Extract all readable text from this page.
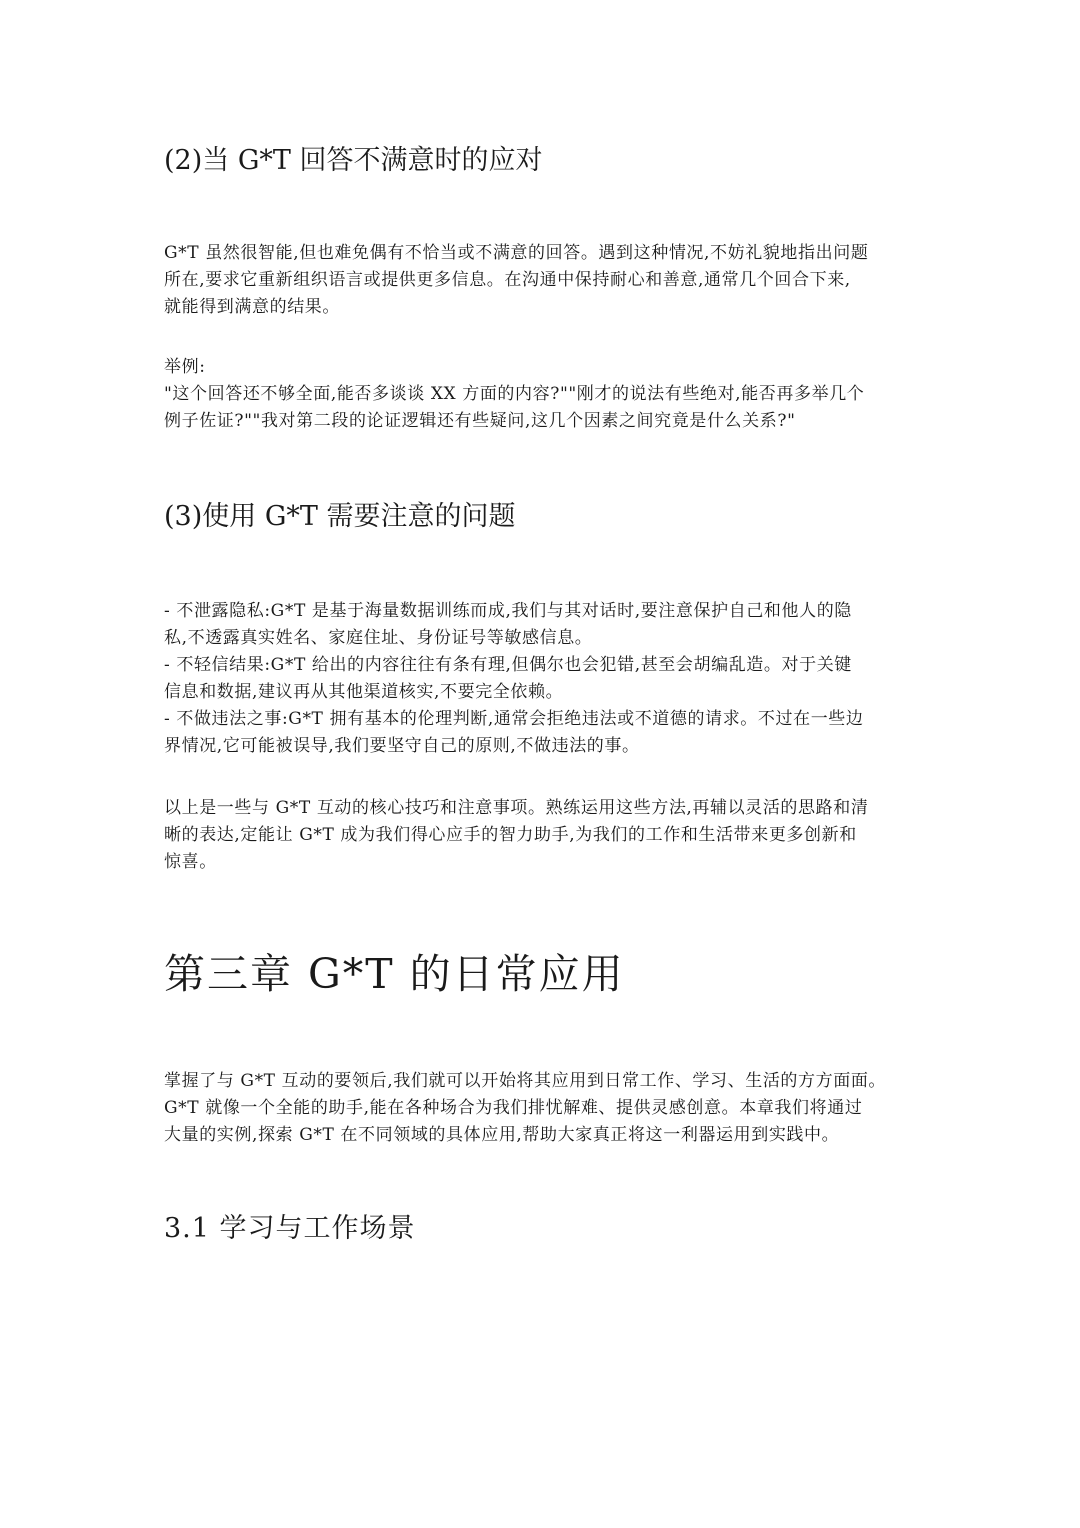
(2)当 G*T 回答不满意时的应对

G*T 虽然很智能,但也难免偶有不恰当或不满意的回答。遇到这种情况,不妨礼貌地指出问题
所在,要求它重新组织语言或提供更多信息。在沟通中保持耐心和善意,通常几个回合下来,
就能得到满意的结果。

举例:
"这个回答还不够全面,能否多谈谈 XX 方面的内容?""刚才的说法有些绝对,能否再多举几个
例子佐证?""我对第二段的论证逻辑还有些疑问,这几个因素之间究竟是什么关系?"

(3)使用 G*T 需要注意的问题

- 不泄露隐私:G*T 是基于海量数据训练而成,我们与其对话时,要注意保护自己和他人的隐
私,不透露真实姓名、家庭住址、身份证号等敏感信息。
- 不轻信结果:G*T 给出的内容往往有条有理,但偶尔也会犯错,甚至会胡编乱造。对于关键
信息和数据,建议再从其他渠道核实,不要完全依赖。
- 不做违法之事:G*T 拥有基本的伦理判断,通常会拒绝违法或不道德的请求。不过在一些边
界情况,它可能被误导,我们要坚守自己的原则,不做违法的事。

以上是一些与 G*T 互动的核心技巧和注意事项。熟练运用这些方法,再辅以灵活的思路和清
晰的表达,定能让 G*T 成为我们得心应手的智力助手,为我们的工作和生活带来更多创新和
惊喜。

第三章 G*T 的日常应用

掌握了与 G*T 互动的要领后,我们就可以开始将其应用到日常工作、学习、生活的方方面面。
G*T 就像一个全能的助手,能在各种场合为我们排忧解难、提供灵感创意。本章我们将通过
大量的实例,探索 G*T 在不同领域的具体应用,帮助大家真正将这一利器运用到实践中。

3.1 学习与工作场景
